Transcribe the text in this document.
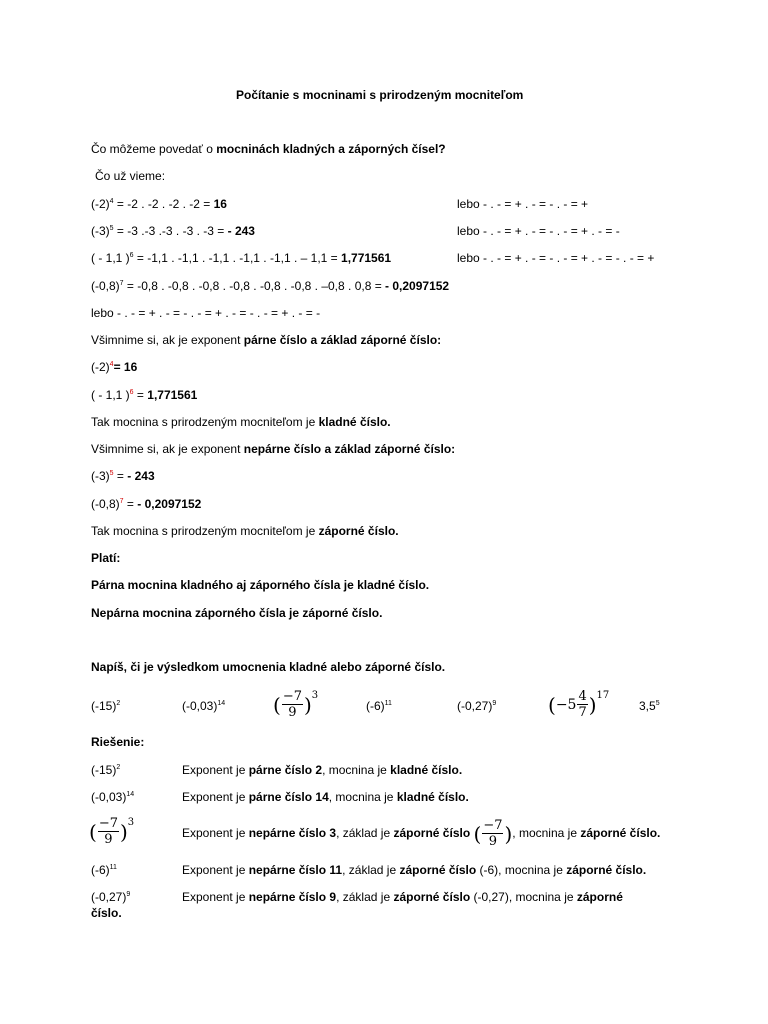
Počítanie s mocninami s prirodzeným mocniteľom
Čo môžeme povedať o mocninách kladných a záporných čísel?
Čo už vieme:
$(-2)^4 = -2$ . -2 . -2 . -2 = 16	lebo - . - = + . - = - . - = +
$(-3)^5 = -3$ .-3 .-3 . -3 . -3 = - 243	lebo - . - = + . - = - . - = + . - = -
( - 1,1 )$^6$ = -1,1 . -1,1 . -1,1 . -1,1 . -1,1 . – 1,1 = 1,771561	lebo - . - = + . - = - . - = + . - = - . - = +
$(-0,8)^7 = -0,8$ . -0,8 . -0,8 . -0,8 . -0,8 . -0,8 . –0,8 . 0,8 = - 0,2097152
lebo - . - = + . - = - . - = + . - = - . - = + . - = -
Všimnime si, ak je exponent párne číslo a základ záporné číslo:
$(-2)^4= 16$
( - 1,1 )$^6$ = 1,771561
Tak mocnina s prirodzeným mocniteľom je kladné číslo.
Všimnime si, ak je exponent nepárne číslo a základ záporné číslo:
$(-3)^5$ = - 243
$(-0,8)^7$ = - 0,2097152
Tak mocnina s prirodzeným mocniteľom je záporné číslo.
Platí:
Párna mocnina kladného aj záporného čísla je kladné číslo.
Nepárna mocnina záporného čísla je záporné číslo.
Napíš, či je výsledkom umocnenia kladné alebo záporné číslo.
$(-15)^2$	$(-0,03)^{14}$ ( $\frac{-7}{9} )^3$
$(-6)^{11}$	$(-0,27)^9$	$(-5 \frac{4}{7} )^{17}$
$3,5^5$
Riešenie:
$(-15)^2$	Exponent je párne číslo 2, mocnina je kladné číslo.
$(-0,03)^{14}$	Exponent je párne číslo 14, mocnina je kladné číslo.
( $\frac{-7}{9} )^3$
Exponent je nepárne číslo 3, základ je záporné číslo ( $\frac{-7}{9}$ ), mocnina je záporné číslo.
$(-6)^{11}$	Exponent je nepárne číslo 11, základ je záporné číslo (-6), mocnina je záporné číslo.
$(-0,27)^9$	Exponent je nepárne číslo 9, základ je záporné číslo (-0,27), mocnina je záporné
číslo.
